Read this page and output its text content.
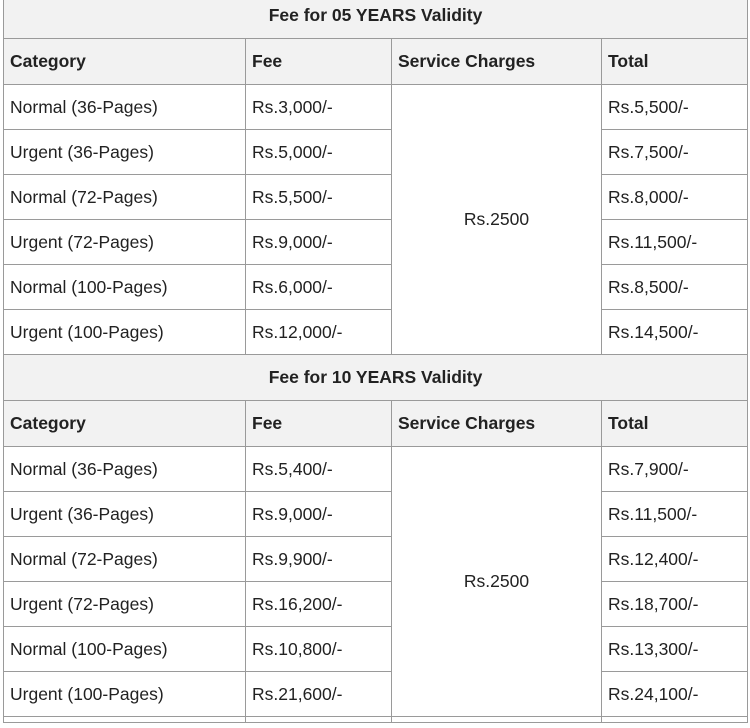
Fee for 05 YEARS Validity			
Category	Fee	Service Charges	Total
Normal (36-Pages)	Rs.3,000/-	Rs.2500	Rs.5,500/-
Urgent (36-Pages)	Rs.5,000/-		Rs.7,500/-
Normal (72-Pages)	Rs.5,500/-		Rs.8,000/-
Urgent (72-Pages)	Rs.9,000/-		Rs.11,500/-
Normal (100-Pages)	Rs.6,000/-		Rs.8,500/-
Urgent (100-Pages)	Rs.12,000/-		Rs.14,500/-
Fee for 10 YEARS Validity			
Category	Fee	Service Charges	Total
Normal (36-Pages)	Rs.5,400/-	Rs.2500	Rs.7,900/-
Urgent (36-Pages)	Rs.9,000/-		Rs.11,500/-
Normal (72-Pages)	Rs.9,900/-		Rs.12,400/-
Urgent (72-Pages)	Rs.16,200/-		Rs.18,700/-
Normal (100-Pages)	Rs.10,800/-		Rs.13,300/-
Urgent (100-Pages)	Rs.21,600/-		Rs.24,100/-
